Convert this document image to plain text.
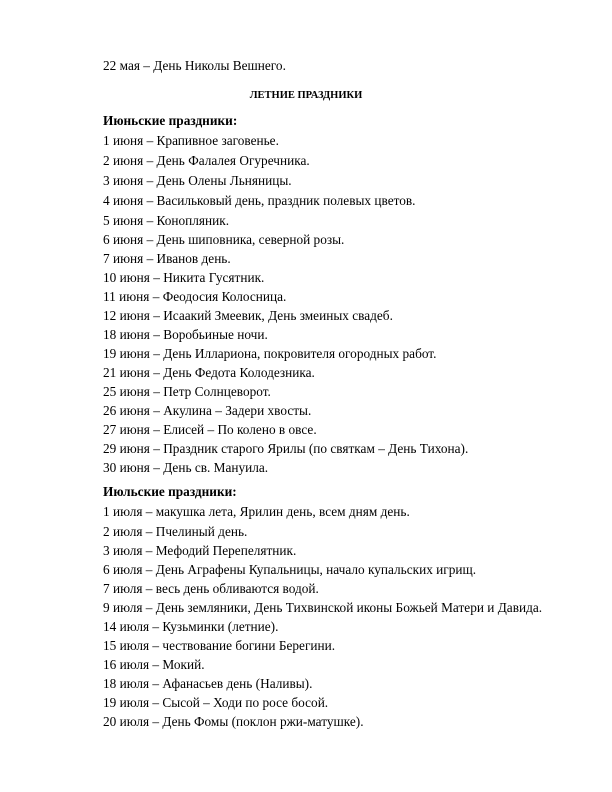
22 мая – День Николы Вешнего.
ЛЕТНИЕ ПРАЗДНИКИ
Июньские праздники:
1 июня – Крапивное заговенье.
2 июня – День Фалалея Огуречника.
3 июня – День Олены Льняницы.
4 июня – Васильковый день, праздник полевых цветов.
5 июня – Конопляник.
6 июня – День шиповника, северной розы.
7 июня – Иванов день.
10 июня – Никита Гусятник.
11 июня – Феодосия Колосница.
12 июня – Исаакий Змеевик, День змеиных свадеб.
18 июня – Воробьиные ночи.
19 июня – День Иллариона, покровителя огородных работ.
21 июня – День Федота Колодезника.
25 июня – Петр Солнцеворот.
26 июня – Акулина – Задери хвосты.
27 июня – Елисей – По колено в овсе.
29 июня – Праздник старого Ярилы (по святкам – День Тихона).
30 июня – День св. Мануила.
Июльские праздники:
1 июля – макушка лета, Ярилин день, всем дням день.
2 июля – Пчелиный день.
3 июля – Мефодий Перепелятник.
6 июля – День Аграфены Купальницы, начало купальских игрищ.
7 июля – весь день обливаются водой.
9 июля – День земляники, День Тихвинской иконы Божьей Матери и Давида.
14 июля – Кузьминки (летние).
15 июля – чествование богини Берегини.
16 июля – Мокий.
18 июля – Афанасьев день (Наливы).
19 июля – Сысой – Ходи по росе босой.
20 июля – День Фомы (поклон ржи-матушке).
